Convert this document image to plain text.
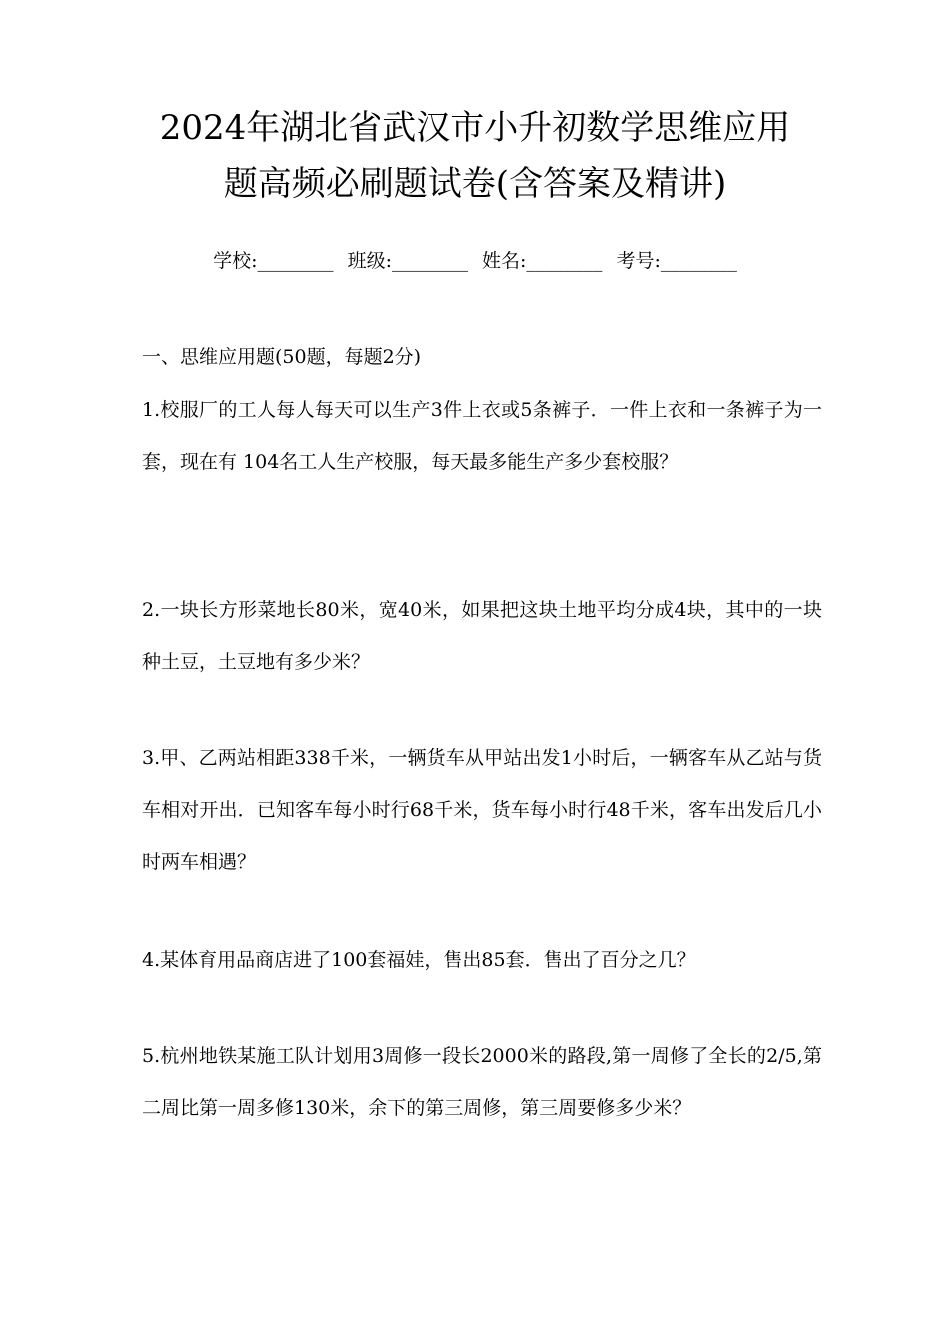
2024年湖北省武汉市小升初数学思维应用
题高频必刷题试卷(含答案及精讲)
学校:________ 班级:________ 姓名:________ 考号:________
一、思维应用题(50题，每题2分)

1.校服厂的工人每人每天可以生产3件上衣或5条裤子．一件上衣和一条裤子为一套，现在有 104名工人生产校服，每天最多能生产多少套校服？

2.一块长方形菜地长80米，宽40米，如果把这块土地平均分成4块，其中的一块种土豆，土豆地有多少米？

3.甲、乙两站相距338千米，一辆货车从甲站出发1小时后，一辆客车从乙站与货车相对开出．已知客车每小时行68千米，货车每小时行48千米，客车出发后几小时两车相遇？

4.某体育用品商店进了100套福娃，售出85套．售出了百分之几？

5.杭州地铁某施工队计划用3周修一段长2000米的路段,第一周修了全长的2/5,第二周比第一周多修130米，余下的第三周修，第三周要修多少米？
